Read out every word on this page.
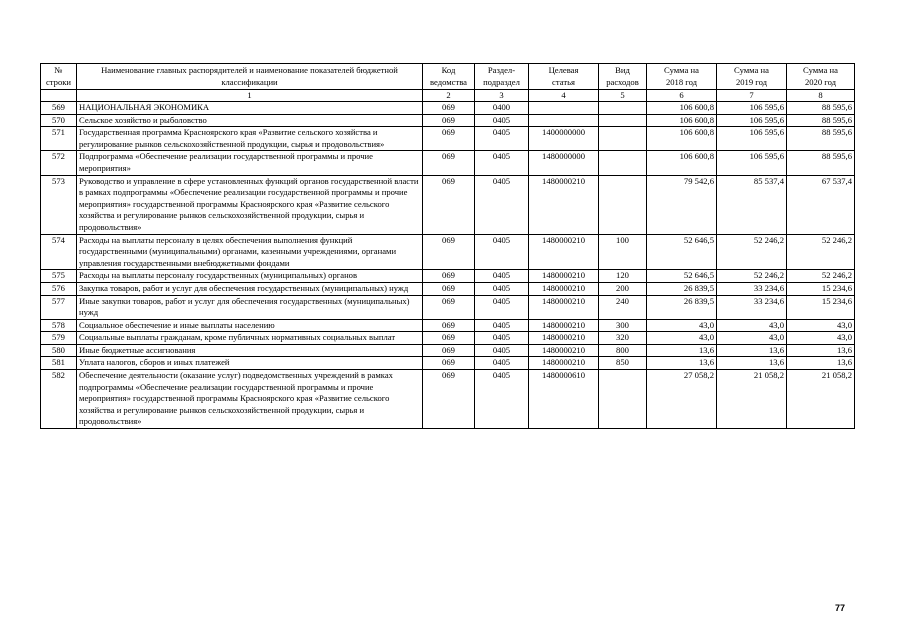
№ строки	Наименование главных распорядителей и наименование показателей бюджетной классификации	Код ведомства	Раздел-подраздел	Целевая статья	Вид расходов	Сумма на 2018 год	Сумма на 2019 год	Сумма на 2020 год
	1	2	3	4	5	6	7	8
569	НАЦИОНАЛЬНАЯ ЭКОНОМИКА	069	0400			106 600,8	106 595,6	88 595,6
570	Сельское хозяйство и рыболовство	069	0405			106 600,8	106 595,6	88 595,6
571	Государственная программа Красноярского края «Развитие сельского хозяйства и регулирование рынков сельскохозяйственной продукции, сырья и продовольствия»	069	0405	1400000000		106 600,8	106 595,6	88 595,6
572	Подпрограмма «Обеспечение реализации государственной программы и прочие мероприятия»	069	0405	1480000000		106 600,8	106 595,6	88 595,6
573	Руководство и управление в сфере установленных функций органов государственной власти в рамках подпрограммы «Обеспечение реализации государственной программы и прочие мероприятия» государственной программы Красноярского края «Развитие сельского хозяйства и регулирование рынков сельскохозяйственной продукции, сырья и продовольствия»	069	0405	1480000210		79 542,6	85 537,4	67 537,4
574	Расходы на выплаты персоналу в целях обеспечения выполнения функций государственными (муниципальными) органами, казенными учреждениями, органами управления государственными внебюджетными фондами	069	0405	1480000210	100	52 646,5	52 246,2	52 246,2
575	Расходы на выплаты персоналу государственных (муниципальных) органов	069	0405	1480000210	120	52 646,5	52 246,2	52 246,2
576	Закупка товаров, работ и услуг для обеспечения государственных (муниципальных) нужд	069	0405	1480000210	200	26 839,5	33 234,6	15 234,6
577	Иные закупки товаров, работ и услуг для обеспечения государственных (муниципальных) нужд	069	0405	1480000210	240	26 839,5	33 234,6	15 234,6
578	Социальное обеспечение и иные выплаты населению	069	0405	1480000210	300	43,0	43,0	43,0
579	Социальные выплаты гражданам, кроме публичных нормативных социальных выплат	069	0405	1480000210	320	43,0	43,0	43,0
580	Иные бюджетные ассигнования	069	0405	1480000210	800	13,6	13,6	13,6
581	Уплата налогов, сборов и иных платежей	069	0405	1480000210	850	13,6	13,6	13,6
582	Обеспечение деятельности (оказание услуг) подведомственных учреждений в рамках подпрограммы «Обеспечение реализации государственной программы и прочие мероприятия» государственной программы Красноярского края «Развитие сельского хозяйства и регулирование рынков сельскохозяйственной продукции, сырья и продовольствия»	069	0405	1480000610		27 058,2	21 058,2	21 058,2
77
